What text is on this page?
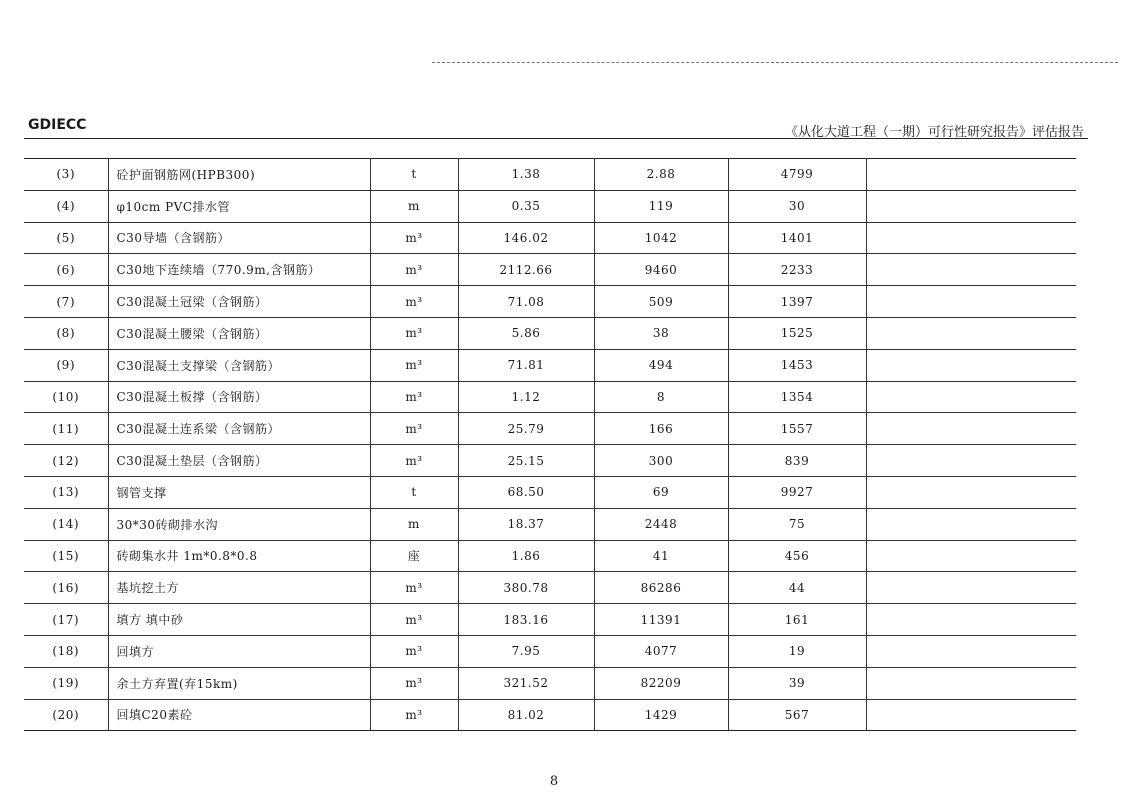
GDIECC	《从化大道工程（一期）可行性研究报告》评估报告
(3)	砼护面钢筋网(HPB300)	t	1.38	2.88	4799	
(4)	φ10cm PVC排水管	m	0.35	119	30	
(5)	C30导墙（含钢筋）	m³	146.02	1042	1401	
(6)	C30地下连续墙（770.9m,含钢筋）	m³	2112.66	9460	2233	
(7)	C30混凝土冠梁（含钢筋）	m³	71.08	509	1397	
(8)	C30混凝土腰梁（含钢筋）	m³	5.86	38	1525	
(9)	C30混凝土支撑梁（含钢筋）	m³	71.81	494	1453	
(10)	C30混凝土板撑（含钢筋）	m³	1.12	8	1354	
(11)	C30混凝土连系梁（含钢筋）	m³	25.79	166	1557	
(12)	C30混凝土垫层（含钢筋）	m³	25.15	300	839	
(13)	钢管支撑	t	68.50	69	9927	
(14)	30*30砖砌排水沟	m	18.37	2448	75	
(15)	砖砌集水井 1m*0.8*0.8	座	1.86	41	456	
(16)	基坑挖土方	m³	380.78	86286	44	
(17)	填方 填中砂	m³	183.16	11391	161	
(18)	回填方	m³	7.95	4077	19	
(19)	余土方弃置(弃15km)	m³	321.52	82209	39	
(20)	回填C20素砼	m³	81.02	1429	567	
8
